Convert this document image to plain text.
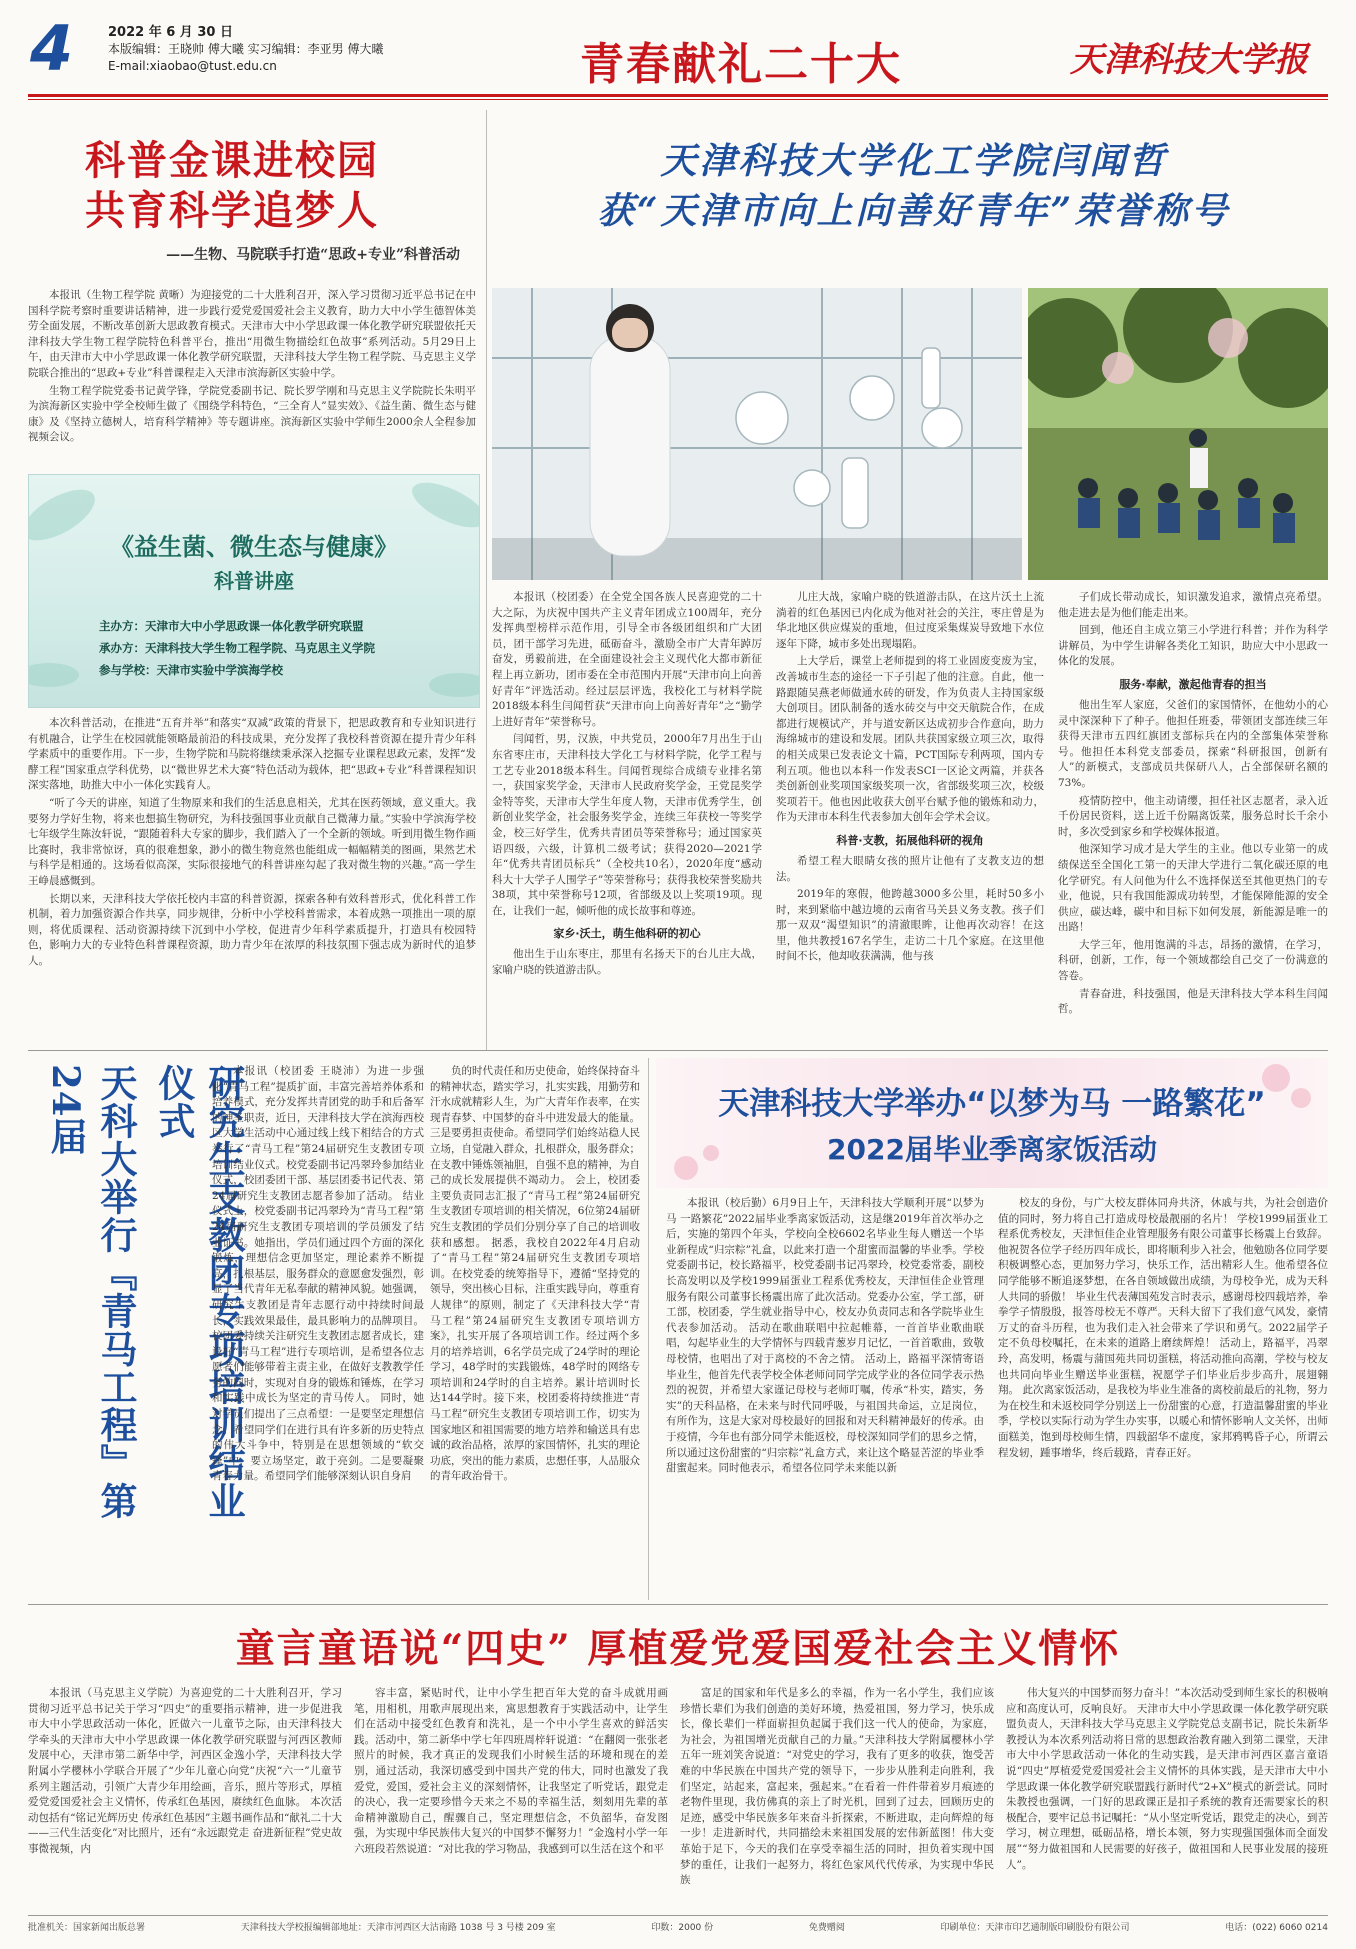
4	2022 年 6 月 30 日
本版编辑：王晓帅 傅大曦 实习编辑：李亚男 傅大曦
E-mail:xiaobao@tust.edu.cn	青春献礼二十大	天津科技大学报
科普金课进校园
共育科学追梦人
——生物、马院联手打造“思政+专业”科普活动

本报讯（生物工程学院 黄晰）为迎接党的二十大胜利召开，深入学习贯彻习近平总书记在中国科学院考察时重要讲话精神，进一步践行爱党爱国爱社会主义教育，助力大中小学生德智体美劳全面发展，不断改革创新大思政教育模式。天津市大中小学思政课一体化教学研究联盟依托天津科技大学生物工程学院特色科普平台，推出“用微生物描绘红色故事”系列活动。5月29日上午，由天津市大中小学思政课一体化教学研究联盟，天津科技大学生物工程学院、马克思主义学院联合推出的“思政+专业”科普课程走入天津市滨海新区实验中学。

生物工程学院党委书记黄学锋，学院党委副书记、院长罗学刚和马克思主义学院院长朱明平为滨海新区实验中学全校师生做了《围绕学科特色，“三全育人”显实效》、《益生菌、微生态与健康》及《坚持立德树人，培育科学精神》等专题讲座。滨海新区实验中学师生2000余人全程参加视频会议。

《益生菌、微生态与健康》
科普讲座
主办方：天津市大中小学思政课一体化教学研究联盟
承办方：天津科技大学生物工程学院、马克思主义学院
参与学校：天津市实验中学滨海学校

本次科普活动，在推进“五育并举”和落实“双减”政策的背景下，把思政教育和专业知识进行有机融合，让学生在校园就能领略最前沿的科技成果，充分发挥了我校科普资源在提升青少年科学素质中的重要作用。下一步，生物学院和马院将继续秉承深入挖掘专业课程思政元素，发挥“发酵工程”国家重点学科优势，以“微世界艺术大赛”特色活动为载体，把“思政+专业”科普课程知识深实落地，助推大中小一体化实践育人。

“听了今天的讲座，知道了生物原来和我们的生活息息相关，尤其在医药领域，意义重大。我要努力学好生物，将来也想搞生物研究，为科技强国事业贡献自己微薄力量。”实验中学滨海学校七年级学生陈汝轩说，“跟随着科大专家的脚步，我们踏入了一个全新的领域。听到用微生物作画比赛时，我非常惊讶，真的很难想象，渺小的微生物竟然也能组成一幅幅精美的图画，果然艺术与科学是相通的。这场看似高深，实际很接地气的科普讲座勾起了我对微生物的兴趣。”高一学生王峥晨感慨到。

长期以来，天津科技大学依托校内丰富的科普资源，探索各种有效科普形式，优化科普工作机制，着力加强资源合作共享，同步规律，分析中小学校科普需求，本着成熟一项推出一项的原则，将优质课程、活动资源持续下沉到中小学校，促进青少年科学素质提升，打造具有校园特色，影响力大的专业特色科普课程资源，助力青少年在浓厚的科技氛围下强志成为新时代的追梦人。

天津科技大学化工学院闫闻哲
获“天津市向上向善好青年”荣誉称号

本报讯（校团委）在全党全国各族人民喜迎党的二十大之际，为庆祝中国共产主义青年团成立100周年，充分发挥典型榜样示范作用，引导全市各级团组织和广大团员，团干部学习先进，砥砺奋斗，激励全市广大青年踔厉奋发，勇毅前进，在全面建设社会主义现代化大都市新征程上再立新功，团市委在全市范围内开展“天津市向上向善好青年”评选活动。经过层层评选，我校化工与材料学院2018级本科生闫闻哲获“天津市向上向善好青年”之“勤学上进好青年”荣誉称号。

闫闻哲，男，汉族，中共党员，2000年7月出生于山东省枣庄市，天津科技大学化工与材料学院，化学工程与工艺专业2018级本科生。闫闻哲现综合成绩专业排名第一，获国家奖学金，天津市人民政府奖学金，王党昆奖学金特等奖，天津市大学生年度人物，天津市优秀学生，创新创业奖学金，社会服务奖学金，连续三年获校一等奖学金，校三好学生，优秀共青团员等荣誉称号；通过国家英语四级，六级，计算机二级考试；获得2020—2021学年“优秀共青团员标兵”（全校共10名），2020年度“感动科大十大学子人围学子”等荣誉称号；获得我校荣誉奖励共38项，其中荣誉称号12项，省部级及以上奖项19项。现在，让我们一起，倾听他的成长故事和尊迹。

家乡·沃土，萌生他科研的初心

他出生于山东枣庄，那里有名扬天下的台儿庄大战，家喻户晓的铁道游击队。

儿庄大战，家喻户晓的铁道游击队，在这片沃土上流淌着的红色基因已内化成为他对社会的关注，枣庄曾是为华北地区供应煤炭的重地，但过度采集煤炭导致地下水位逐年下降，城市多处出现塌陷。

上大学后，课堂上老师提到的将工业固废变废为宝，改善城市生态的途径一下子引起了他的注意。自此，他一路跟随吴燕老师做通水砖的研发，作为负责人主持国家级大创项目。团队制备的透水砖交与中交天航院合作，在成都进行规模试产，并与道安新区达成初步合作意向，助力海绵城市的建设和发展。团队共获国家级立项三次，取得的相关成果已发表论文十篇，PCT国际专利两项，国内专利五项。他也以本科一作发表SCI一区论文两篇，并获各类创新创业奖项国家级奖项一次，省部级奖项三次，校级奖项若干。他也因此收获大创平台赋予他的锻炼和动力，作为天津市本科生代表参加大创年会学术会议。

科普·支教，拓展他科研的视角

希望工程大眼睛女孩的照片让他有了支教支边的想法。

2019年的寒假，他跨越3000多公里，耗时50多小时，来到紧临中越边境的云南省马关县义务支教。孩子们那一双双“渴望知识”的清澈眼眸，让他再次动容！在这里，他共教授167名学生，走访二十几个家庭。在这里他时间不长，他却收获满满，他与孩

子们成长带动成长，知识激发追求，激情点亮希望。他走进去是为他们能走出来。

回到，他还自主成立第三小学进行科普；并作为科学讲解员，为中学生讲解各类化工知识，助应大中小思政一体化的发展。

服务·奉献，激起他青春的担当

他出生军人家庭，父爸们的家国情怀，在他幼小的心灵中深深种下了种子。他担任班委，带领团支部连续三年获得天津市五四红旗团支部标兵在内的全部集体荣誉称号。他担任本科党支部委员，探索“科研报国，创新有人”的新模式，支部成员共保研八人，占全部保研名额的73%。

疫情防控中，他主动请缨，担任社区志愿者，录入近千份居民资料，送上近千份隔离饭菜，服务总时长千余小时，多次受到家乡和学校媒体报道。

他深知学习成才是大学生的主业。他以专业第一的成绩保送至全国化工第一的天津大学进行二氧化碳还原的电化学研究。有人问他为什么不选择保送至其他更热门的专业，他说，只有我国能源成功转型，才能保障能源的安全供应，碳达峰，碳中和目标下如何发展，新能源是唯一的出路！

大学三年，他用饱满的斗志，昂扬的激情，在学习，科研，创新，工作，每一个领域都绘自己交了一份满意的答卷。

青春奋进，科技强国，他是天津科技大学本科生闫闻哲。

研究生支教团专项培训结业仪式
天科大举行『青马工程』第24届	本报讯（校团委 王晓沛）为进一步强化“青马工程”提质扩面，丰富完善培养体系和培养模式，充分发挥共青团党的助手和后备军的神圣职责，近日，天津科技大学在滨海西校区大学生活动中心通过线上线下相结合的方式举行了“青马工程”第24届研究生支教团专项培训结业仪式。校党委副书记冯翠玲参加结业仪式，校团委团干部、基层团委书记代表、第24届研究生支教团志愿者参加了活动。 结业仪式上，校党委副书记冯翠玲为“青马工程”第24届研究生支教团专项培训的学员颁发了结业证书。她指出，学员们通过四个方面的深化锻炼，理想信念更加坚定，理论素养不断提高，扎根基层，服务群众的意愿愈发强烈，彰显了当代青年无私奉献的精神风貌。她强调，研究生支教团是青年志愿行动中持续时间最长，实践效果最佳，最具影响力的品牌项目。校团委持续关注研究生支教团志愿者成长，建设好“青马工程”进行专项培训，是希望各位志愿者们能够带着主责主业，在做好支教教学任务的同时，实现对自身的锻炼和锤炼，在学习和实践中成长为坚定的青马传人。 同时，她对学员们提出了三点希望：一是要坚定理想信念。希望同学们在进行具有许多新的历史特点的伟大斗争中，特别是在思想领域的“软交锋”中，要立场坚定，敢于亮剑。二是要凝聚青春力量。希望同学们能够深刻认识自身肩

负的时代责任和历史使命，始终保持奋斗的精神状态，踏实学习，扎实实践，用勤劳和汗水成就精彩人生，为广大青年作表率，在实现青春梦、中国梦的奋斗中进发最大的能量。三是要勇担责使命。希望同学们始终站稳人民立场，自觉融入群众，扎根群众，服务群众；在支教中锤炼领袖胆，自强不息的精神，为自己的成长发展提供不竭动力。 会上，校团委主要负责同志汇报了“青马工程”第24届研究生支教团专项培训的相关情况，6位第24届研究生支教团的学员们分别分享了自己的培训收获和感想。 据悉，我校自2022年4月启动了“青马工程”第24届研究生支教团专项培训。在校党委的统筹指导下，遵循“坚持党的领导，突出核心目标，注重实践导向，尊重育人规律”的原则，制定了《天津科技大学“青马工程”第24届研究生支教团专项培训方案》，扎实开展了各项培训工作。经过两个多月的培养培训，6名学员完成了24学时的理论学习，48学时的实践锻炼，48学时的网络专项培训和24学时的自主培养。累计培训时长达144学时。接下来，校团委将持续推进“青马工程”研究生支教团专项培训工作，切实为国家地区和祖国需要的地方培养和输送具有忠诚的政治品格，浓厚的家国情怀，扎实的理论功底，突出的能力素质，忠想任事，人品服众的青年政治骨干。

天津科技大学举办“以梦为马 一路繁花”
2022届毕业季离家饭活动

本报讯（校后勤）6月9日上午，天津科技大学顺利开展“以梦为马 一路繁花”2022届毕业季离家饭活动，这是继2019年首次举办之后，实施的第四个年头，学校向全校6602名毕业生每人赠送一个毕业新程成“归宗粽”礼盒，以此来打造一个甜蜜而温馨的毕业季。学校党委副书记，校长路福平，校党委副书记冯翠玲，校党委常委，副校长高发明以及学校1999届蛋业工程系优秀校友，天津恒佳企业管理服务有限公司董事长杨震出席了此次活动。党委办公室，学工部，研工部，校团委，学生就业指导中心，校友办负责同志和各学院毕业生代表参加活动。 活动在歌曲联唱中拉起帷幕，一首首毕业歌曲联唱，勾起毕业生的大学情怀与四载青葱岁月记忆，一首首歌曲，致敬母校情，也唱出了对于离校的不舍之情。 活动上，路福平深情寄语毕业生，他首先代表学校全体老师问同学完成学业的各位同学表示热烈的祝贺，并希望大家谨记母校与老师叮嘱，传承“朴实，踏实，务实”的天科品格，在未来与时代同呼吸，与祖国共命运，立足岗位，有所作为，这是大家对母校最好的回报和对天科精神最好的传承。由于疫情，今年也有部分同学未能返校，母校深知同学们的思乡之情，所以通过这份甜蜜的“归宗粽”礼盒方式，来让这个略显苦涩的毕业季甜蜜起来。同时他表示，希望各位同学未来能以新

校友的身份，与广大校友群体同舟共济，休戚与共，为社会创造价值的同时，努力将自己打造成母校最靓丽的名片！ 学校1999届蛋业工程系优秀校友，天津恒佳企业管理服务有限公司董事长杨震上台致辞。他祝贺各位学子经历四年成长，即将顺利步入社会，他勉励各位同学要积极调整心态，更加努力学习，快乐工作，活出精彩人生。他希望各位同学能够不断追逐梦想，在各自领域做出成绩，为母校争光，成为天科人共同的骄傲！ 毕业生代表薄国苑发言时表示，感谢母校四载培养，拳拳学子情殷殷，报答母校无不尊严。天科大留下了我们意气风发，豪情万丈的奋斗历程，也为我们走入社会带来了学识和勇气。2022届学子定不负母校嘱托，在未来的道路上磨续辉煌！ 活动上，路福平，冯翠玲，高发明，杨震与蒲国苑共同切蛋糕，将活动推向高潮，学校与校友也共同向毕业生赠送毕业蛋糕，祝愿学子们毕业后步步高升，展翅翱翔。 此次离家饭活动，是我校为毕业生准备的离校前最后的礼物，努力为在校生和未返校同学分别送上一份甜蜜的心意，打造温馨甜蜜的毕业季，学校以实际行动为学生办实事，以暖心和情怀影响人文关怀，出师面糕美，饱到母校师生情，四载韶华不虚度，家邦鸦鸭昏子心，所谓云程发轫，踵事增华，终后载路，青春正好。

童言童语说“四史” 厚植爱党爱国爱社会主义情怀

本报讯（马克思主义学院）为喜迎党的二十大胜利召开，学习贯彻习近平总书记关于学习“四史”的重要指示精神，进一步促进我市大中小学思政活动一体化，匠做六一儿童节之际，由天津科技大学牵头的天津市大中小学思政课一体化教学研究联盟与河西区教师发展中心，天津市第二新华中学，河西区金逸小学，天津科技大学附属小学樱林小学联合开展了“少年儿童心向党”庆祝“六一”儿童节系列主题活动，引领广大青少年用绘画，音乐，照片等形式，厚植爱党爱国爱社会主义情怀，传承红色基因，赓续红色血脉。 本次活动包括有“铭记光辉历史 传承红色基因”主题书画作品和“献礼二十大——三代生活变化”对比照片，还有“永远跟党走 奋进新征程”党史故事微视频，内

容丰富，紧贴时代，让中小学生把百年大党的奋斗成就用画笔，用相机，用歌声展现出来，寓思想教育于实践活动中，让学生们在活动中接受红色教育和洗礼，是一个中小学生喜欢的鲜活实践。活动中，第二新华中学七年四班周梓轩说道：“在翻阅一张张老照片的时候，我才真正的发现我们小时候生活的环境和现在的差别，通过活动，我深切感受到中国共产党的伟大，同时也激发了我爱党，爱国，爱社会主义的深刻情怀，让我坚定了听党话，跟党走的决心，我一定要珍惜今天来之不易的幸福生活，刻刻用先辈的革命精神激励自己，醒骤自己，坚定理想信念，不负韶华，奋发图强，为实现中华民族伟大复兴的中国梦不懈努力！”金逸村小学一年六班段若然说道：“对比我的学习物品，我感到可以生活在这个和平

富足的国家和年代是多么的幸福，作为一名小学生，我们应该珍惜长辈们为我们创造的美好环境，热爱祖国，努力学习，快乐成长，像长辈们一样面崭担负起属于我们这一代人的使命，为家庭，为社会，为祖国增光贡献自己的力量。”天津科技大学附属樱林小学五年一班刘笑舍说道：“对党史的学习，我有了更多的收获，饱受苦难的中华民族在中国共产党的领导下，一步步从胜利走向胜利，我们坚定，站起来，富起来，强起来。”在看着一件件带着岁月痕迹的老物件里现，我仿佛真的亲上了时光机，回到了过去，回顾历史的足迹，感受中华民族多年来奋斗折探索，不断进取，走向辉煌的每一步！走进新时代，共同描绘未来祖国发展的宏伟新蓝图！伟大变革始于足下，今天的我们在享受幸福生活的同时，担负着实现中国梦的重任，让我们一起努力，将红色家风代代传承，为实现中华民族

伟大复兴的中国梦而努力奋斗！”本次活动受到师生家长的积极响应和高度认可，反响良好。 天津市大中小学思政课一体化教学研究联盟负责人，天津科技大学马克思主义学院党总支副书记，院长朱新华教授认为本次系列活动将日常的思想政治教育融入到第二课堂，天津市大中小学思政活动一体化的生动实践，是天津市河西区嘉言童语说“四史”厚植爱党爱国爱社会主义情怀的具体实践，是天津市大中小学思政课一体化教学研究联盟践行新时代“2+X”模式的新尝试。同时朱教授也强调，一门好的思政课正是扣子系统的教育还需要家长的积极配合，要牢记总书记嘱托：“从小坚定听党话，跟党走的决心，到苦学习，树立理想，砥砺品格，增长本领，努力实现强国强体而全面发展”“努力做祖国和人民需要的好孩子，做祖国和人民事业发展的接班人”。

批准机关：国家新闻出版总署	天津科技大学校报编辑部地址：天津市河西区大沽南路 1038 号 3 号楼 209 室	印数：2000 份	免费赠阅	印刷单位：天津市印艺通制版印刷股份有限公司	电话：(022) 6060 0214
